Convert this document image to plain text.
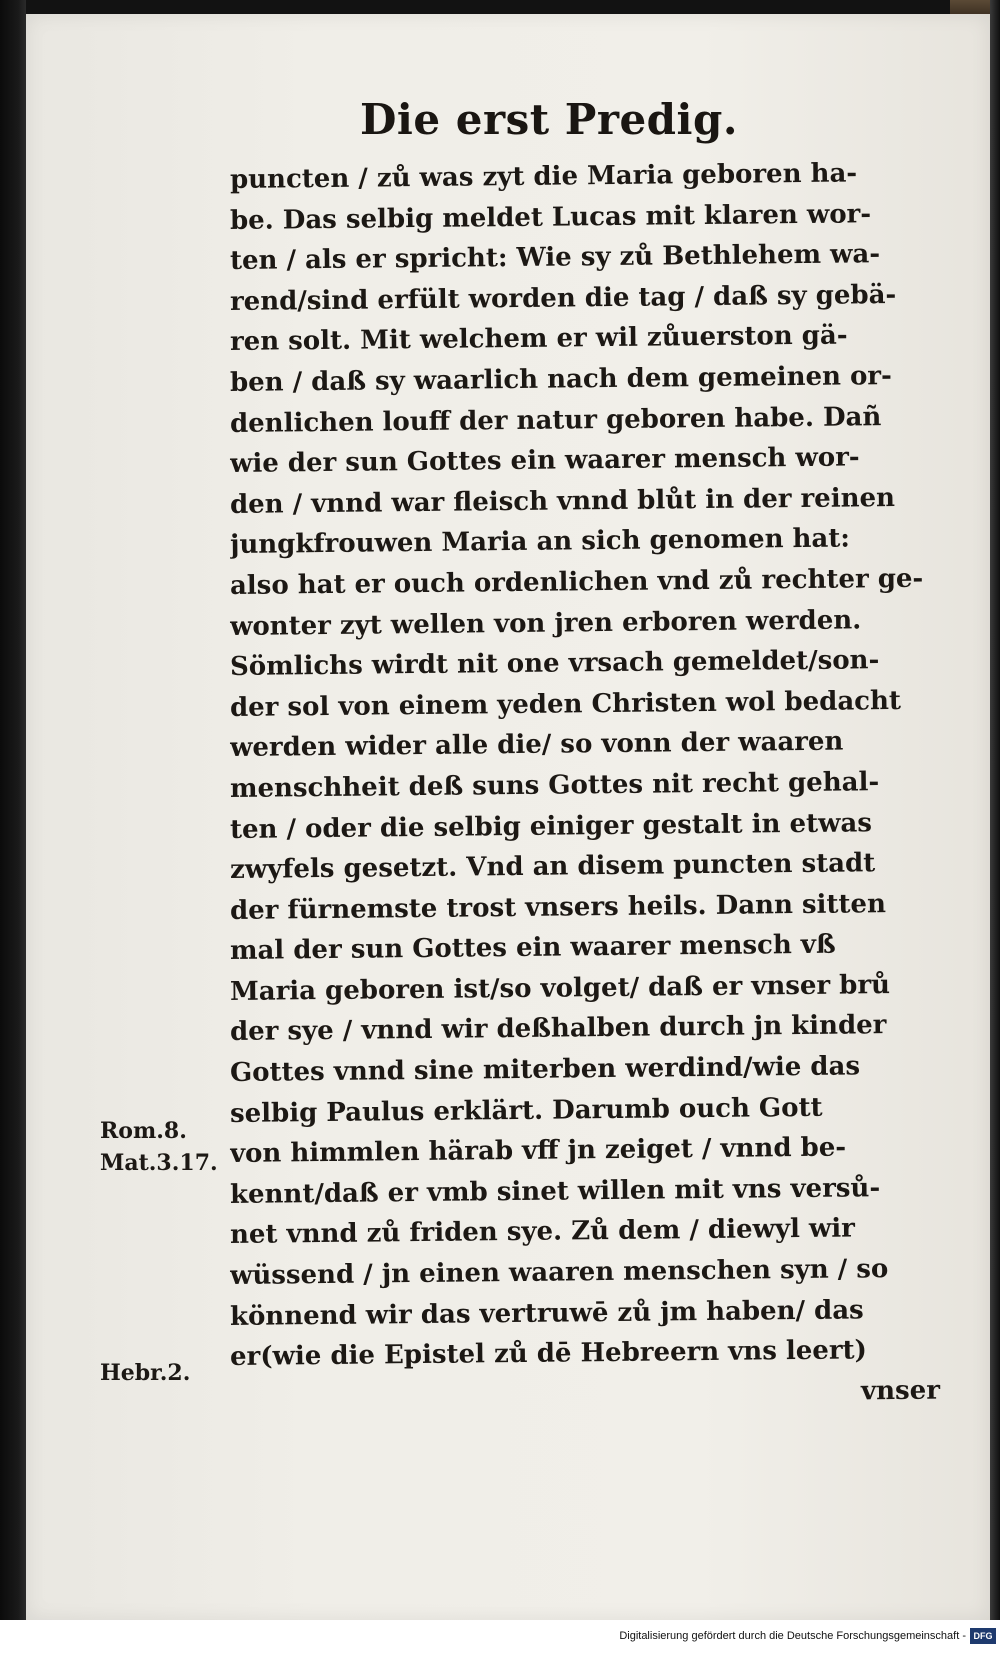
Die erst Predig.
puncten / zů was zyt die Maria geboren ha-
be. Das selbig meldet Lucas mit klaren wor-
ten / als er spricht: Wie sy zů Bethlehem wa-
rend/sind erfült worden die tag / daß sy gebä-
ren solt. Mit welchem er wil zůuerston gä-
ben / daß sy waarlich nach dem gemeinen or-
denlichen louff der natur geboren habe. Dañ
wie der sun Gottes ein waarer mensch wor-
den / vnnd war fleisch vnnd blůt in der reinen
jungkfrouwen Maria an sich genomen hat:
also hat er ouch ordenlichen vnd zů rechter ge-
wonter zyt wellen von jren erboren werden.
Sömlichs wirdt nit one vrsach gemeldet/son-
der sol von einem yeden Christen wol bedacht
werden wider alle die/ so vonn der waaren
menschheit deß suns Gottes nit recht gehal-
ten / oder die selbig einiger gestalt in etwas
zwyfels gesetzt. Vnd an disem puncten stadt
der fürnemste trost vnsers heils. Dann sitten
mal der sun Gottes ein waarer mensch vß
Maria geboren ist/so volget/ daß er vnser brů
der sye / vnnd wir deßhalben durch jn kinder
Gottes vnnd sine miterben werdind/wie das
selbig Paulus erklärt. Darumb ouch Gott
von himmlen härab vff jn zeiget / vnnd be-
kennt/daß er vmb sinet willen mit vns versů-
net vnnd zů friden sye. Zů dem / diewyl wir
wüssend / jn einen waaren menschen syn / so
könnend wir das vertruwē zů jm haben/ das
er(wie die Epistel zů dē Hebreern vns leert)
vnser
Rom.8.
Mat.3.17.
Hebr.2.
Digitalisierung gefördert durch die Deutsche Forschungsgemeinschaft - DFG
